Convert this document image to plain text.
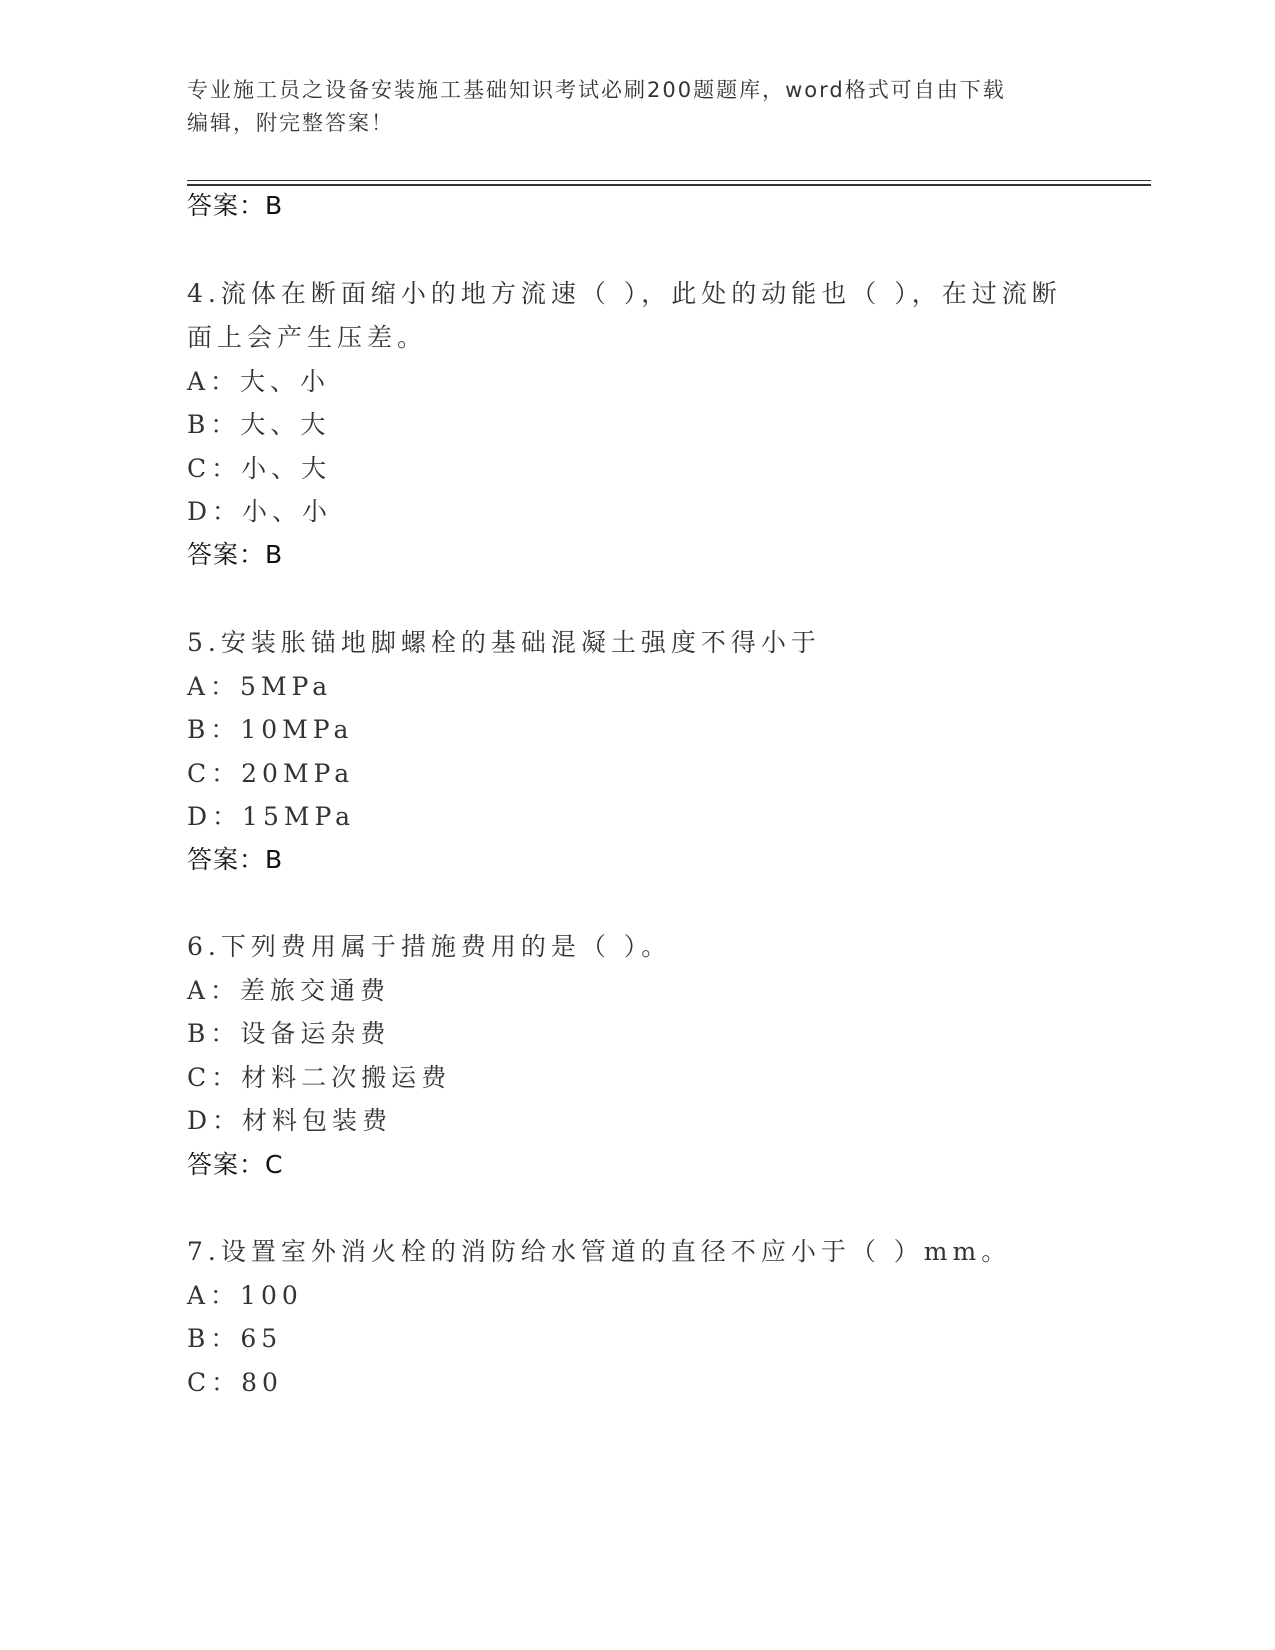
专业施工员之设备安装施工基础知识考试必刷200题题库，word格式可自由下载
编辑，附完整答案！
答案：B
4.流体在断面缩小的地方流速（ ），此处的动能也（ ），在过流断
面上会产生压差。
A：大、小
B：大、大
C：小、大
D：小、小
答案：B
5.安装胀锚地脚螺栓的基础混凝土强度不得小于
A：5MPa
B：10MPa
C：20MPa
D：15MPa
答案：B
6.下列费用属于措施费用的是（ ）。
A：差旅交通费
B：设备运杂费
C：材料二次搬运费
D：材料包装费
答案：C
7.设置室外消火栓的消防给水管道的直径不应小于（ ）mm。
A：100
B：65
C：80
